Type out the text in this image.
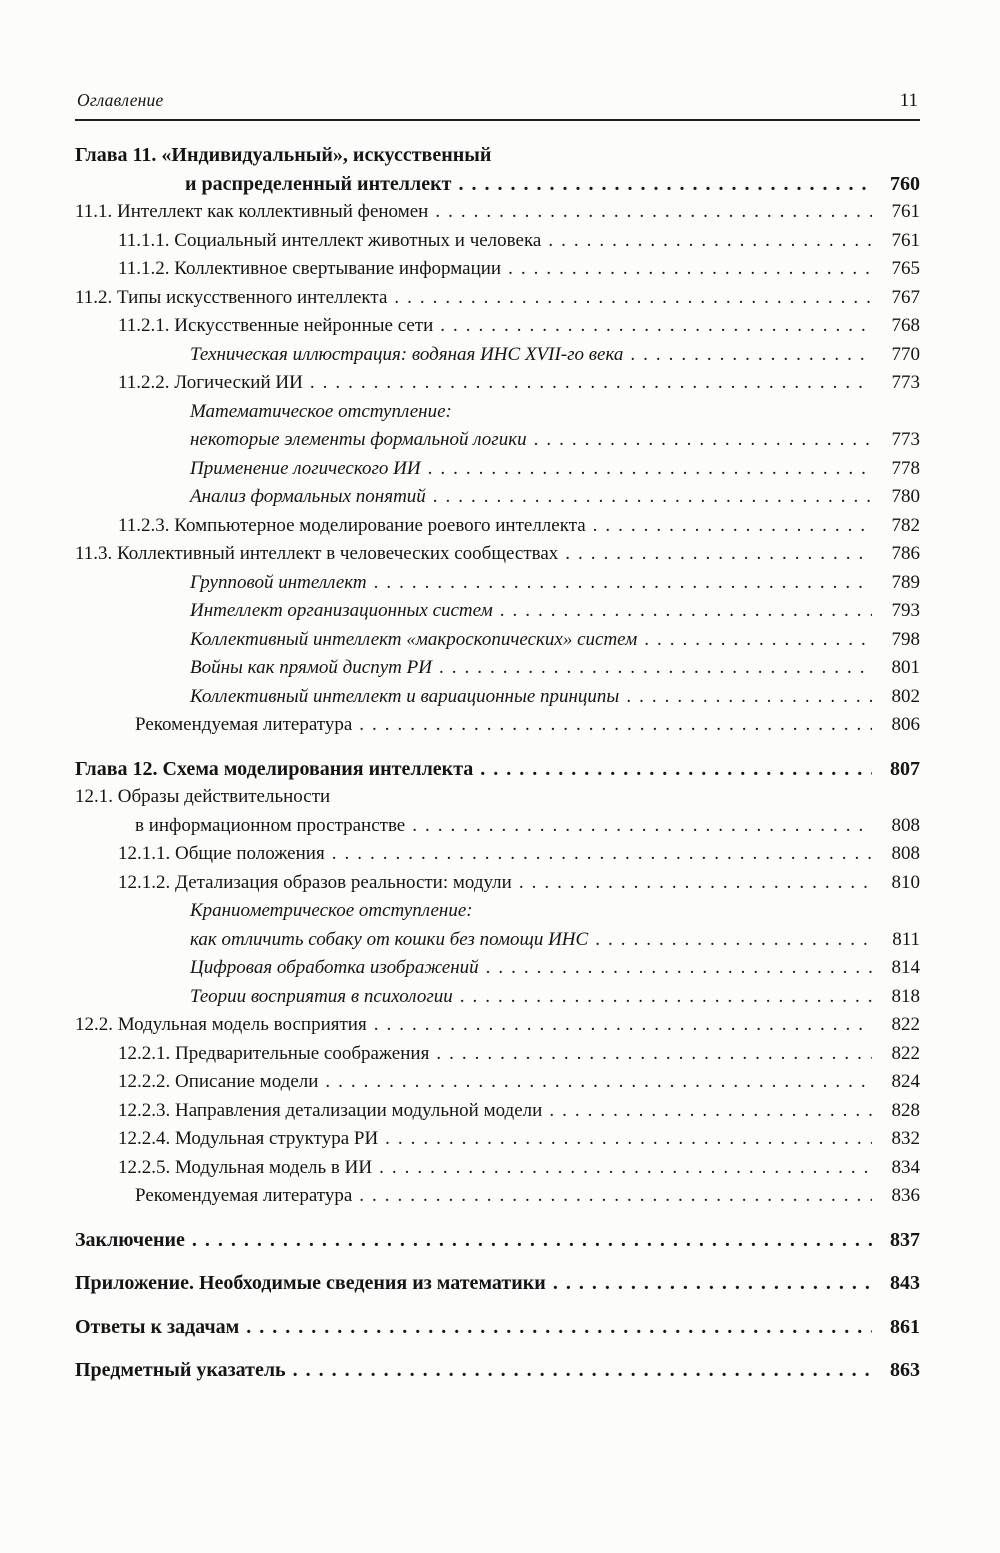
Оглавление	11
Глава 11. «Индивидуальный», искусственный
и распределенный интеллект .....	760
11.1. Интеллект как коллективный феномен .....	761
11.1.1. Социальный интеллект животных и человека .....	761
11.1.2. Коллективное свертывание информации .....	765
11.2. Типы искусственного интеллекта .....	767
11.2.1. Искусственные нейронные сети .....	768
Техническая иллюстрация: водяная ИНС XVII-го века .....	770
11.2.2. Логический ИИ .....	773
Математическое отступление:
некоторые элементы формальной логики .....	773
Применение логического ИИ .....	778
Анализ формальных понятий .....	780
11.2.3. Компьютерное моделирование роевого интеллекта .....	782
11.3. Коллективный интеллект в человеческих сообществах .....	786
Групповой интеллект .....	789
Интеллект организационных систем .....	793
Коллективный интеллект «макроскопических» систем .....	798
Войны как прямой диспут РИ .....	801
Коллективный интеллект и вариационные принципы .....	802
Рекомендуемая литература .....	806
Глава 12. Схема моделирования интеллекта .....	807
12.1. Образы действительности
в информационном пространстве .....	808
12.1.1. Общие положения .....	808
12.1.2. Детализация образов реальности: модули .....	810
Краниометрическое отступление:
как отличить собаку от кошки без помощи ИНС .....	811
Цифровая обработка изображений .....	814
Теории восприятия в психологии .....	818
12.2. Модульная модель восприятия .....	822
12.2.1. Предварительные соображения .....	822
12.2.2. Описание модели .....	824
12.2.3. Направления детализации модульной модели .....	828
12.2.4. Модульная структура РИ .....	832
12.2.5. Модульная модель в ИИ .....	834
Рекомендуемая литература .....	836
Заключение .....	837
Приложение. Необходимые сведения из математики .....	843
Ответы к задачам .....	861
Предметный указатель .....	863
